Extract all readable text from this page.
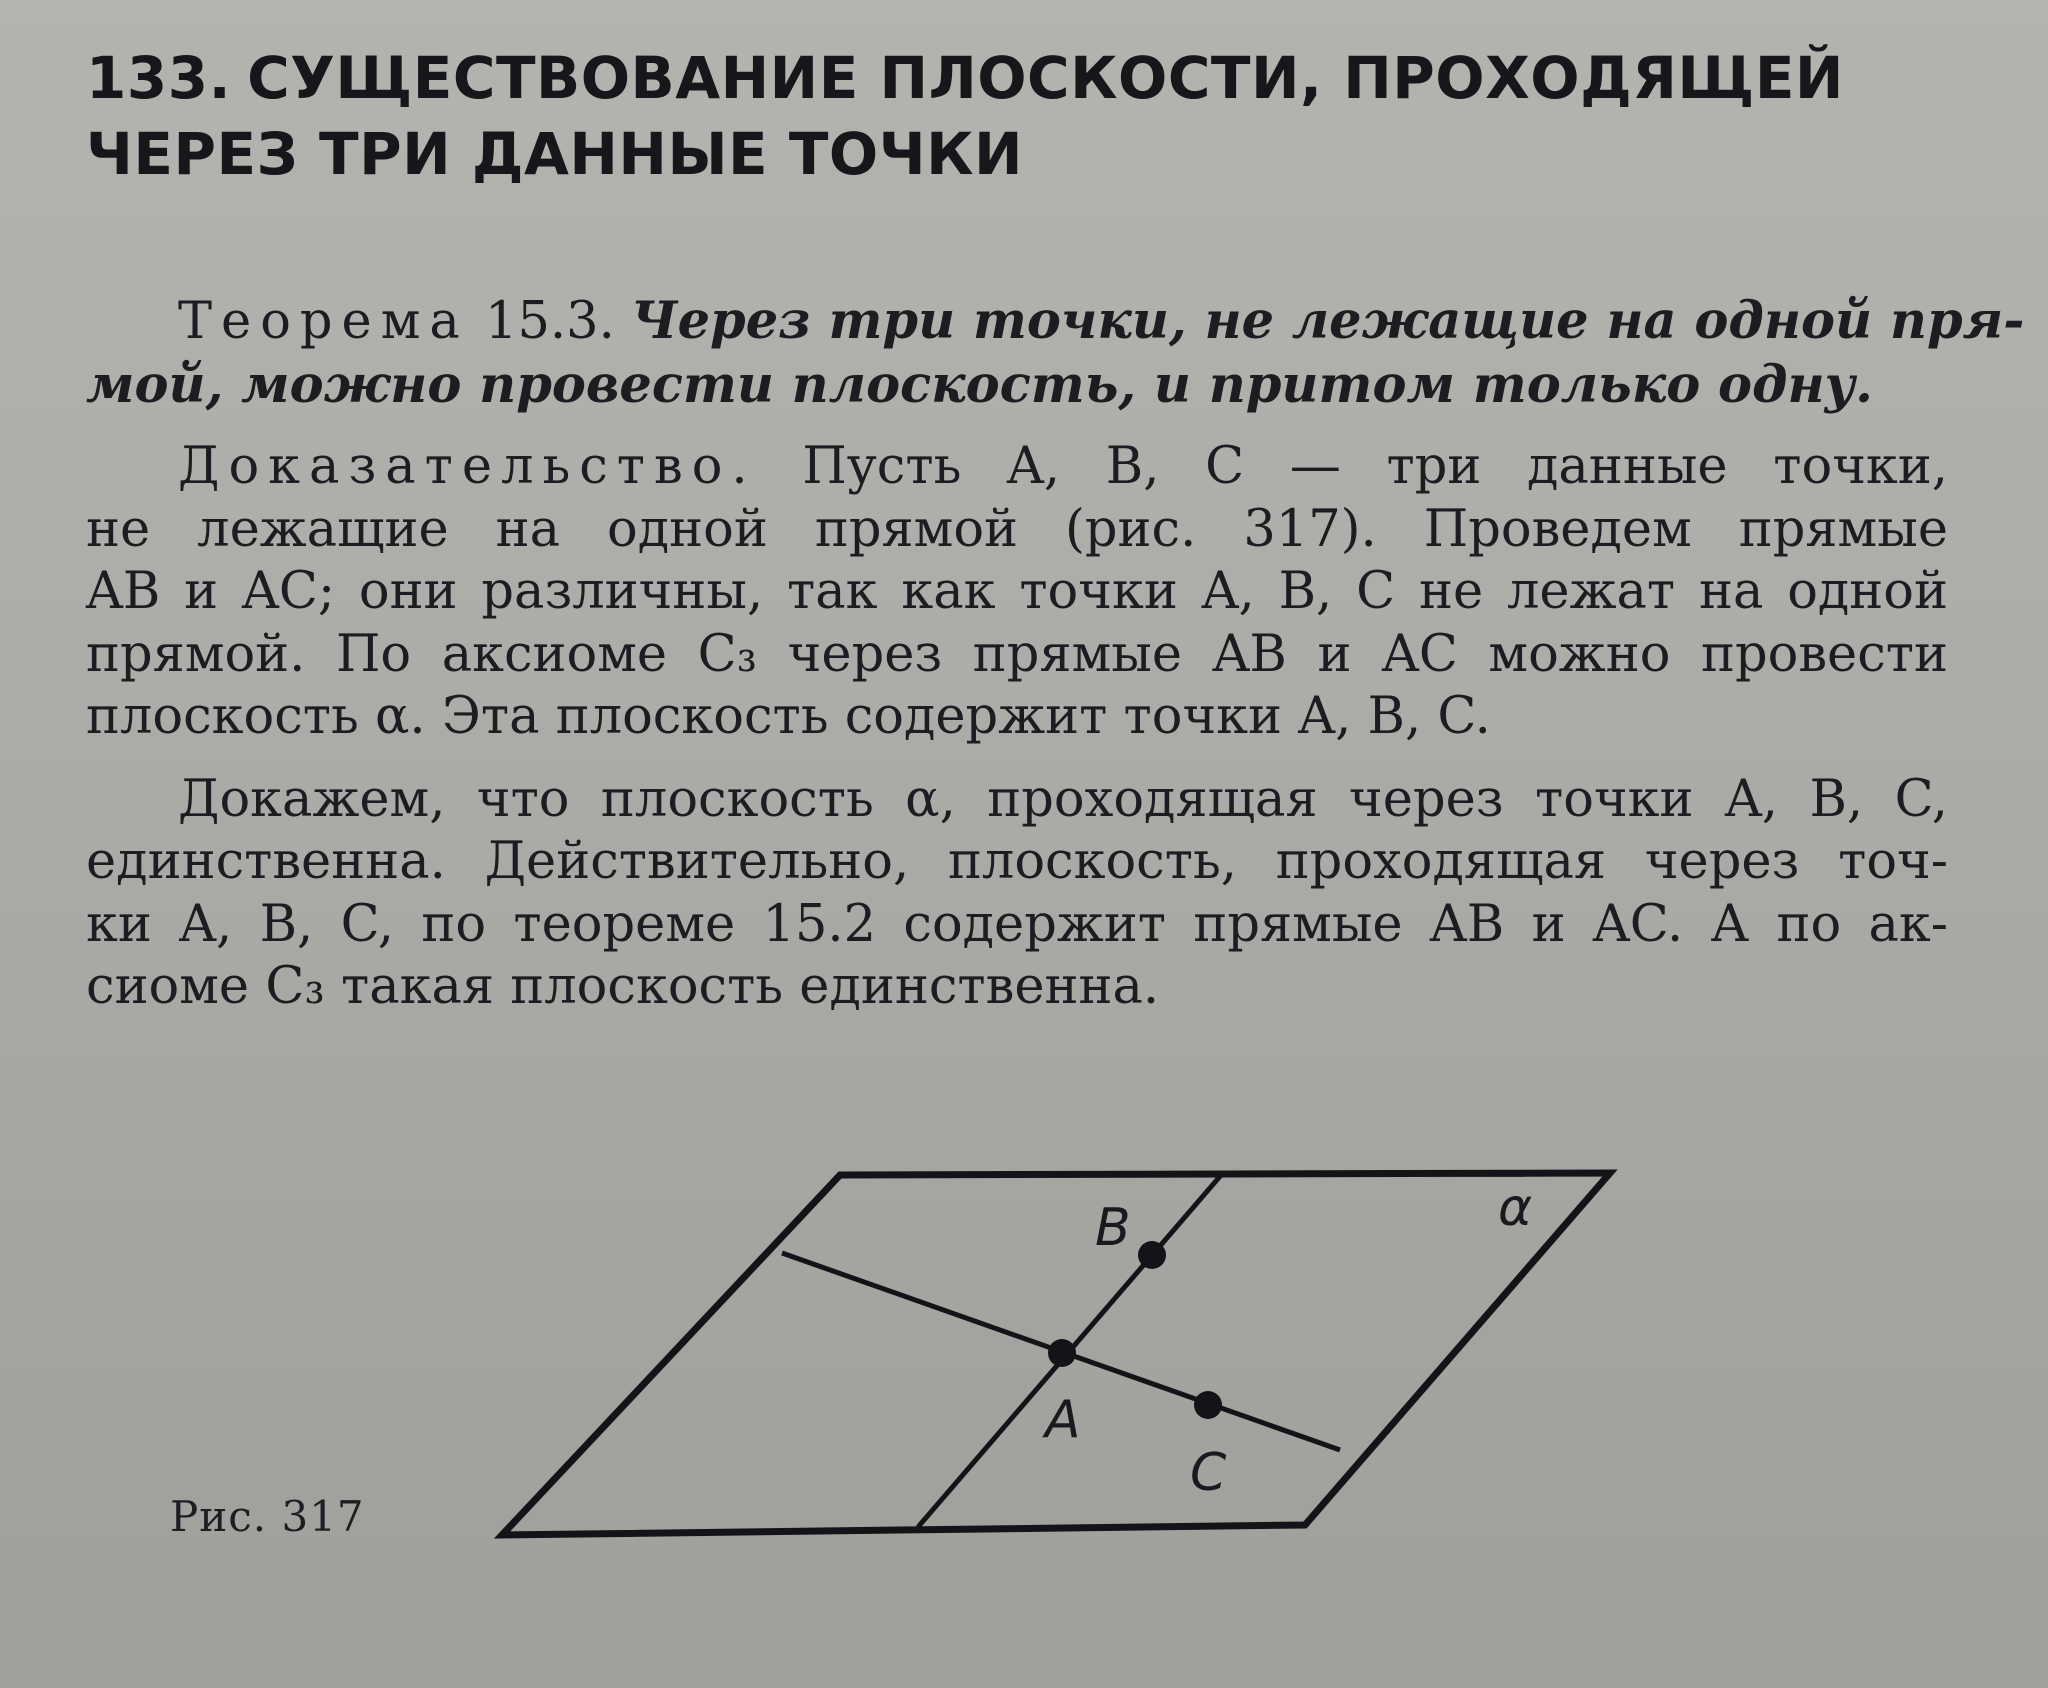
133. СУЩЕСТВОВАНИЕ ПЛОСКОСТИ, ПРОХОДЯЩЕЙ
ЧЕРЕЗ ТРИ ДАННЫЕ ТОЧКИ

Теорема 15.3. Через три точки, не лежащие на одной пря-
мой, можно провести плоскость, и притом только одну.

Доказательство. Пусть A, B, C — три данные точки,
не лежащие на одной прямой (рис. 317). Проведем прямые
AB и AC; они различны, так как точки A, B, C не лежат на одной
прямой. По аксиоме C₃ через прямые AB и AC можно провести
плоскость α. Эта плоскость содержит точки A, B, C.

Докажем, что плоскость α, проходящая через точки A, B, C,
единственна. Действительно, плоскость, проходящая через точ-
ки A, B, C, по теореме 15.2 содержит прямые AB и AC. А по ак-
сиоме C₃ такая плоскость единственна.

B
A
C
α
Рис. 317
